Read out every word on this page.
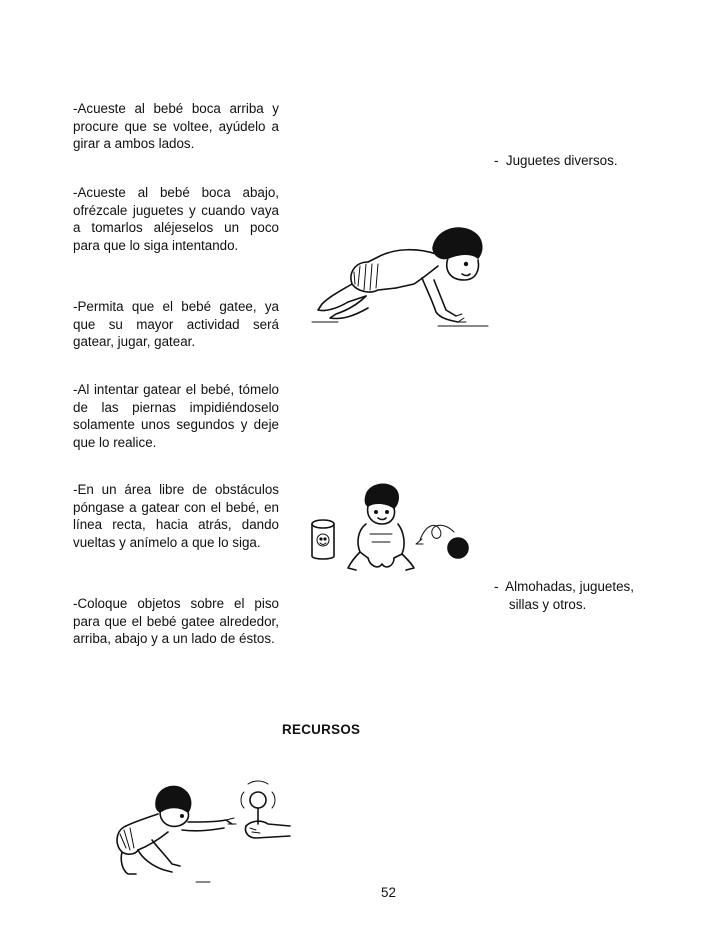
-Acueste al bebé boca arriba y procure que se voltee, ayúdelo a girar a ambos lados.
-Acueste al bebé boca abajo, ofrézcale juguetes y cuando vaya a tomarlos aléjeselos un poco para que lo siga intentando.
-Permita que el bebé gatee, ya que su mayor actividad será gatear, jugar, gatear.
-Al intentar gatear el bebé, tómelo de las piernas impidiéndoselo solamente unos segundos y deje que lo realice.
-En un área libre de obstáculos póngase a gatear con el bebé, en línea recta, hacia atrás, dando vueltas y anímelo a que lo siga.
-Coloque objetos sobre el piso para que el bebé gatee alrededor, arriba, abajo y a un lado de éstos.
-  Juguetes diversos.
-  Almohadas, juguetes,
sillas y otros.
RECURSOS
52
